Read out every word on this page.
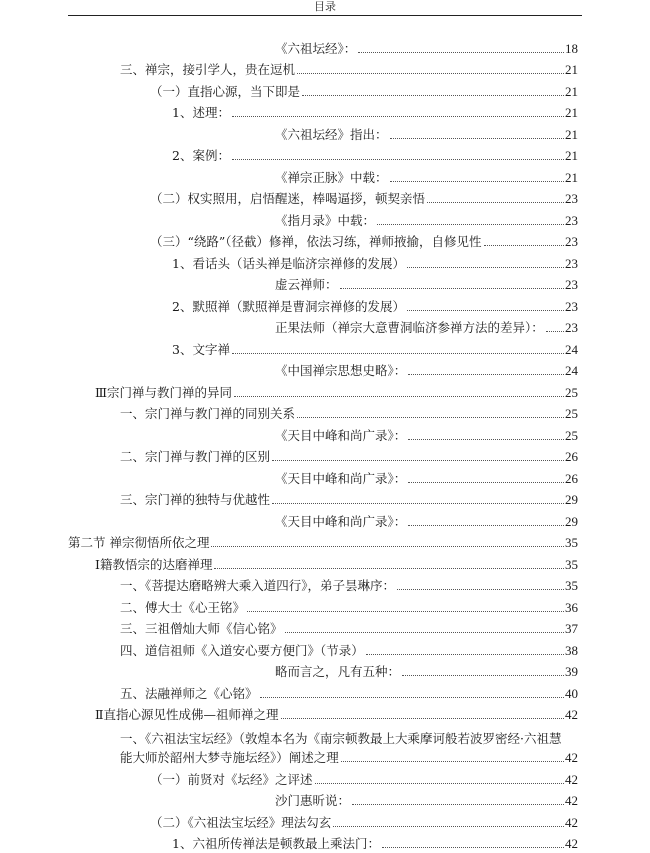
目录
《六祖坛经》：	18
三、禅宗，接引学人，贵在逗机	21
（一）直指心源，当下即是	21
1、述理：	21
《六祖坛经》指出：	21
2、案例：	21
《禅宗正脉》中载：	21
（二）权实照用，启悟醒迷，棒喝逼拶，顿契亲悟	23
《指月录》中载：	23
（三）“绕路”（径截）修禅，依法习练，禅师掖揄，自修见性	23
1、看话头（话头禅是临济宗禅修的发展）	23
虚云禅师：	23
2、默照禅（默照禅是曹洞宗禅修的发展）	23
正果法师（禅宗大意曹洞临济参禅方法的差异）： 23
3、文字禅	24
《中国禅宗思想史略》：	24
Ⅲ宗门禅与教门禅的异同	25
一、宗门禅与教门禅的同别关系	25
《天目中峰和尚广录》：	25
二、宗门禅与教门禅的区别	26
《天目中峰和尚广录》：	26
三、宗门禅的独特与优越性	29
《天目中峰和尚广录》：	29
第二节 禅宗彻悟所依之理	35
Ⅰ籍教悟宗的达磨禅理	35
一、《菩提达磨略辨大乘入道四行》，弟子昙琳序：	35
二、傅大士《心王铭》	36
三、三祖僧灿大师《信心铭》	37
四、道信祖师《入道安心要方便门》（节录）	38
略而言之，凡有五种：	39
五、法融禅师之《心铭》	40
Ⅱ直指心源见性成佛—祖师禅之理	42
一、《六祖法宝坛经》（敦煌本名为《南宗顿教最上大乘摩诃般若波罗密经·六祖慧
能大师於韶州大梦寺施坛经》）阐述之理	42
（一）前贤对《坛经》之评述	42
沙门惠昕说：	42
（二）《六祖法宝坛经》理法勾玄	42
1、六祖所传禅法是顿教最上乘法门：	42
